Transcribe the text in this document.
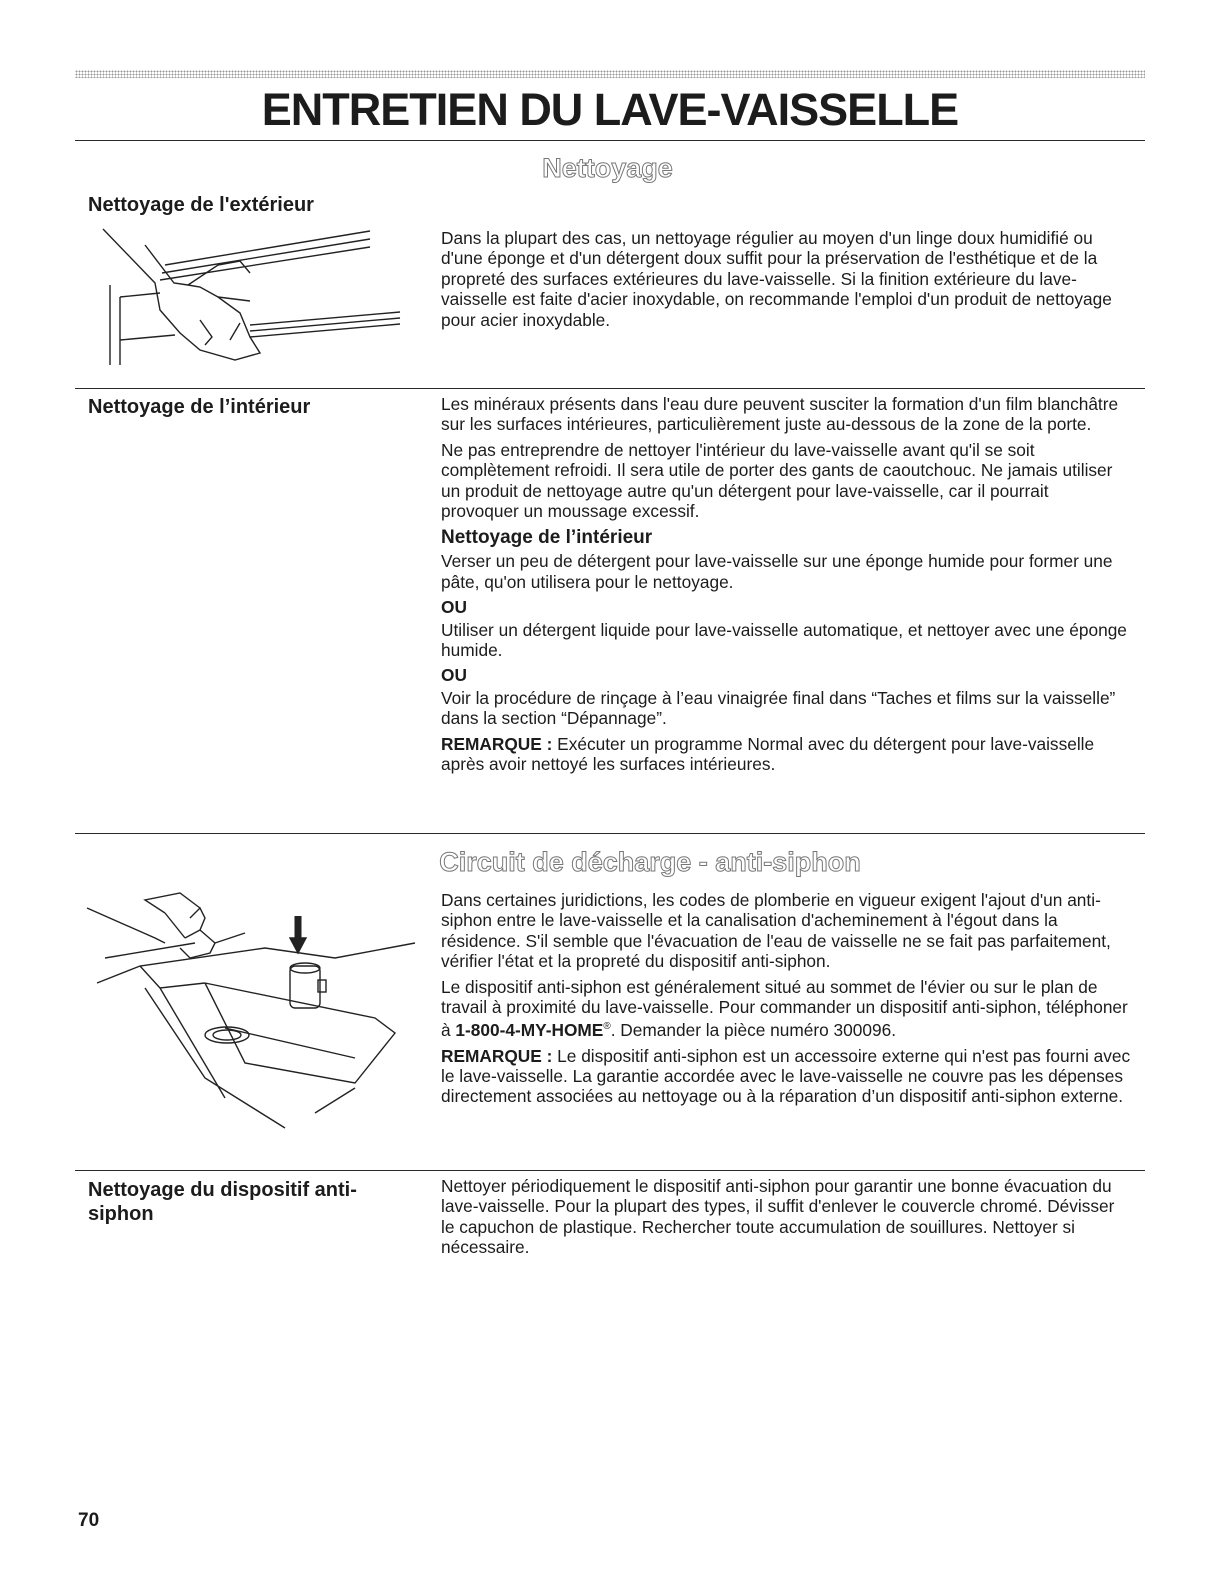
ENTRETIEN DU LAVE-VAISSELLE
Nettoyage
Nettoyage de l'extérieur

Dans la plupart des cas, un nettoyage régulier au moyen d'un linge doux humidifié ou d'une éponge et d'un détergent doux suffit pour la préservation de l'esthétique et de la propreté des surfaces extérieures du lave-vaisselle. Si la finition extérieure du lave-vaisselle est faite d'acier inoxydable, on recommande l'emploi d'un produit de nettoyage pour acier inoxydable.

Nettoyage de l’intérieur	Les minéraux présents dans l'eau dure peuvent susciter la formation d'un film blanchâtre sur les surfaces intérieures, particulièrement juste au-dessous de la zone de la porte.

Ne pas entreprendre de nettoyer l'intérieur du lave-vaisselle avant qu'il se soit complètement refroidi. Il sera utile de porter des gants de caoutchouc. Ne jamais utiliser un produit de nettoyage autre qu'un détergent pour lave-vaisselle, car il pourrait provoquer un moussage excessif.

Nettoyage de l’intérieur

Verser un peu de détergent pour lave-vaisselle sur une éponge humide pour former une pâte, qu'on utilisera pour le nettoyage.

OU

Utiliser un détergent liquide pour lave-vaisselle automatique, et nettoyer avec une éponge humide.

OU

Voir la procédure de rinçage à l’eau vinaigrée final dans “Taches et films sur la vaisselle” dans la section “Dépannage”.

REMARQUE : Exécuter un programme Normal avec du détergent pour lave-vaisselle après avoir nettoyé les surfaces intérieures.

Circuit de décharge - anti-siphon

Dans certaines juridictions, les codes de plomberie en vigueur exigent l'ajout d'un anti-siphon entre le lave-vaisselle et la canalisation d'acheminement à l'égout dans la résidence. S'il semble que l'évacuation de l'eau de vaisselle ne se fait pas parfaitement, vérifier l'état et la propreté du dispositif anti-siphon.

Le dispositif anti-siphon est généralement situé au sommet de l'évier ou sur le plan de travail à proximité du lave-vaisselle. Pour commander un dispositif anti-siphon, téléphoner à 1-800-4-MY-HOME®. Demander la pièce numéro 300096.

REMARQUE : Le dispositif anti-siphon est un accessoire externe qui n'est pas fourni avec le lave-vaisselle. La garantie accordée avec le lave-vaisselle ne couvre pas les dépenses directement associées au nettoyage ou à la réparation d’un dispositif anti-siphon externe.

Nettoyage du dispositif anti-siphon

Nettoyer périodiquement le dispositif anti-siphon pour garantir une bonne évacuation du lave-vaisselle. Pour la plupart des types, il suffit d'enlever le couvercle chromé. Dévisser le capuchon de plastique. Rechercher toute accumulation de souillures. Nettoyer si nécessaire.

70
